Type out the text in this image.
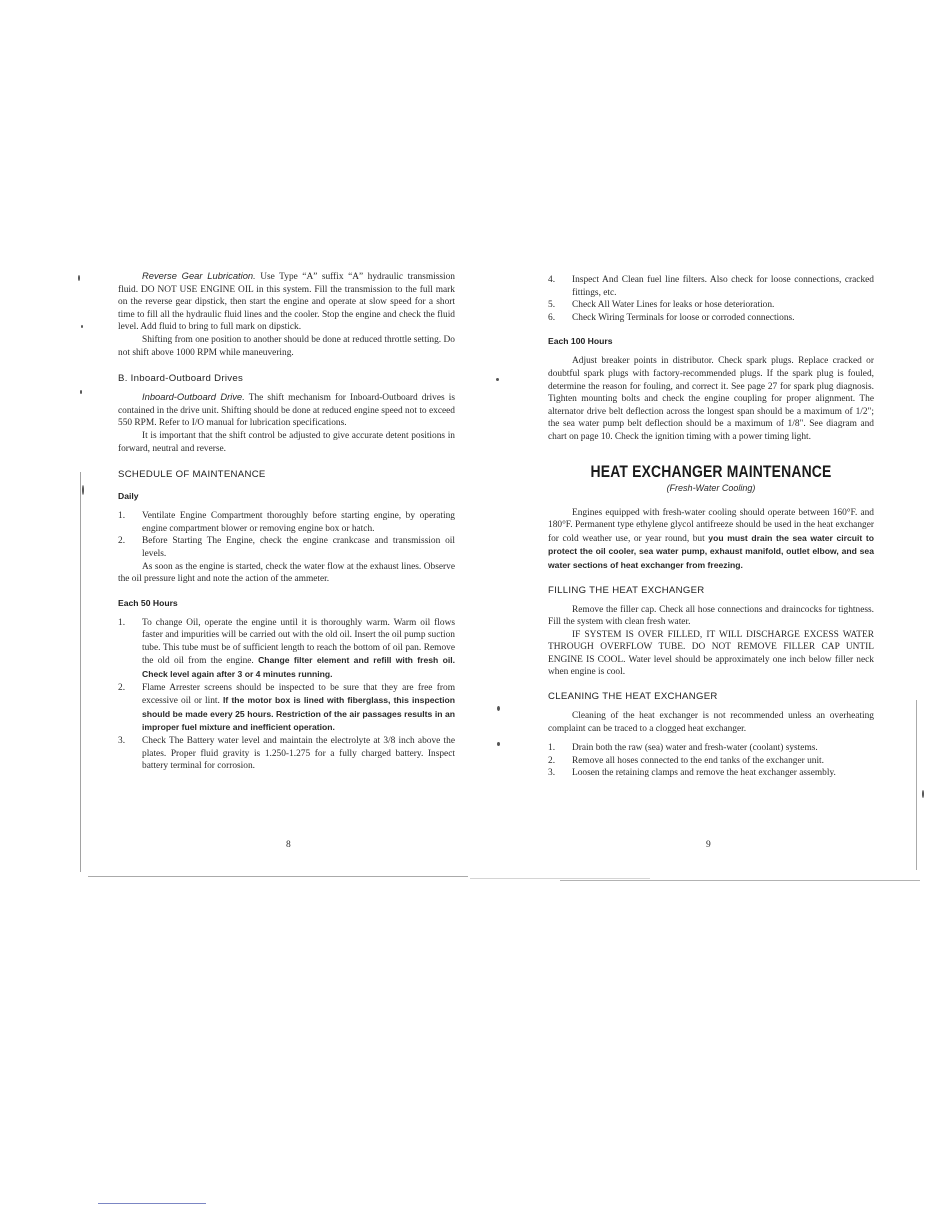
Reverse Gear Lubrication. Use Type “A” suffix “A” hydraulic transmission fluid. DO NOT USE ENGINE OIL in this system. Fill the transmission to the full mark on the reverse gear dipstick, then start the engine and operate at slow speed for a short time to fill all the hydraulic fluid lines and the cooler. Stop the engine and check the fluid level. Add fluid to bring to full mark on dipstick.

Shifting from one position to another should be done at reduced throttle setting. Do not shift above 1000 RPM while maneuvering.

B. Inboard-Outboard Drives

Inboard-Outboard Drive. The shift mechanism for Inboard-Outboard drives is contained in the drive unit. Shifting should be done at reduced engine speed not to exceed 550 RPM. Refer to I/O manual for lubrication specifications.

It is important that the shift control be adjusted to give accurate detent positions in forward, neutral and reverse.

SCHEDULE OF MAINTENANCE
Daily
1.	Ventilate Engine Compartment thoroughly before starting engine, by operating engine compartment blower or removing engine box or hatch.
2.	Before Starting The Engine, check the engine crankcase and transmission oil levels.

As soon as the engine is started, check the water flow at the exhaust lines. Observe the oil pressure light and note the action of the ammeter.

Each 50 Hours
1.	To change Oil, operate the engine until it is thoroughly warm. Warm oil flows faster and impurities will be carried out with the old oil. Insert the oil pump suction tube. This tube must be of sufficient length to reach the bottom of oil pan. Remove the old oil from the engine. Change filter element and refill with fresh oil. Check level again after 3 or 4 minutes running.
2.	Flame Arrester screens should be inspected to be sure that they are free from excessive oil or lint. If the motor box is lined with fiberglass, this inspection should be made every 25 hours. Restriction of the air passages results in an improper fuel mixture and inefficient operation.
3.	Check The Battery water level and maintain the electrolyte at 3/8 inch above the plates. Proper fluid gravity is 1.250-1.275 for a fully charged battery. Inspect battery terminal for corrosion.
8
4.	Inspect And Clean fuel line filters. Also check for loose connections, cracked fittings, etc.
5.	Check All Water Lines for leaks or hose deterioration.
6.	Check Wiring Terminals for loose or corroded connections.
Each 100 Hours

Adjust breaker points in distributor. Check spark plugs. Replace cracked or doubtful spark plugs with factory-recommended plugs. If the spark plug is fouled, determine the reason for fouling, and correct it. See page 27 for spark plug diagnosis. Tighten mounting bolts and check the engine coupling for proper alignment. The alternator drive belt deflection across the longest span should be a maximum of 1/2"; the sea water pump belt deflection should be a maximum of 1/8". See diagram and chart on page 10. Check the ignition timing with a power timing light.

HEAT EXCHANGER MAINTENANCE
(Fresh-Water Cooling)

Engines equipped with fresh-water cooling should operate between 160°F. and 180°F. Permanent type ethylene glycol antifreeze should be used in the heat exchanger for cold weather use, or year round, but you must drain the sea water circuit to protect the oil cooler, sea water pump, exhaust manifold, outlet elbow, and sea water sections of heat exchanger from freezing.

FILLING THE HEAT EXCHANGER

Remove the filler cap. Check all hose connections and draincocks for tightness. Fill the system with clean fresh water.

IF SYSTEM IS OVER FILLED, IT WILL DISCHARGE EXCESS WATER THROUGH OVERFLOW TUBE. DO NOT REMOVE FILLER CAP UNTIL ENGINE IS COOL. Water level should be approximately one inch below filler neck when engine is cool.

CLEANING THE HEAT EXCHANGER

Cleaning of the heat exchanger is not recommended unless an overheating complaint can be traced to a clogged heat exchanger.

1.	Drain both the raw (sea) water and fresh-water (coolant) systems.
2.	Remove all hoses connected to the end tanks of the exchanger unit.
3.	Loosen the retaining clamps and remove the heat exchanger assembly.
9
